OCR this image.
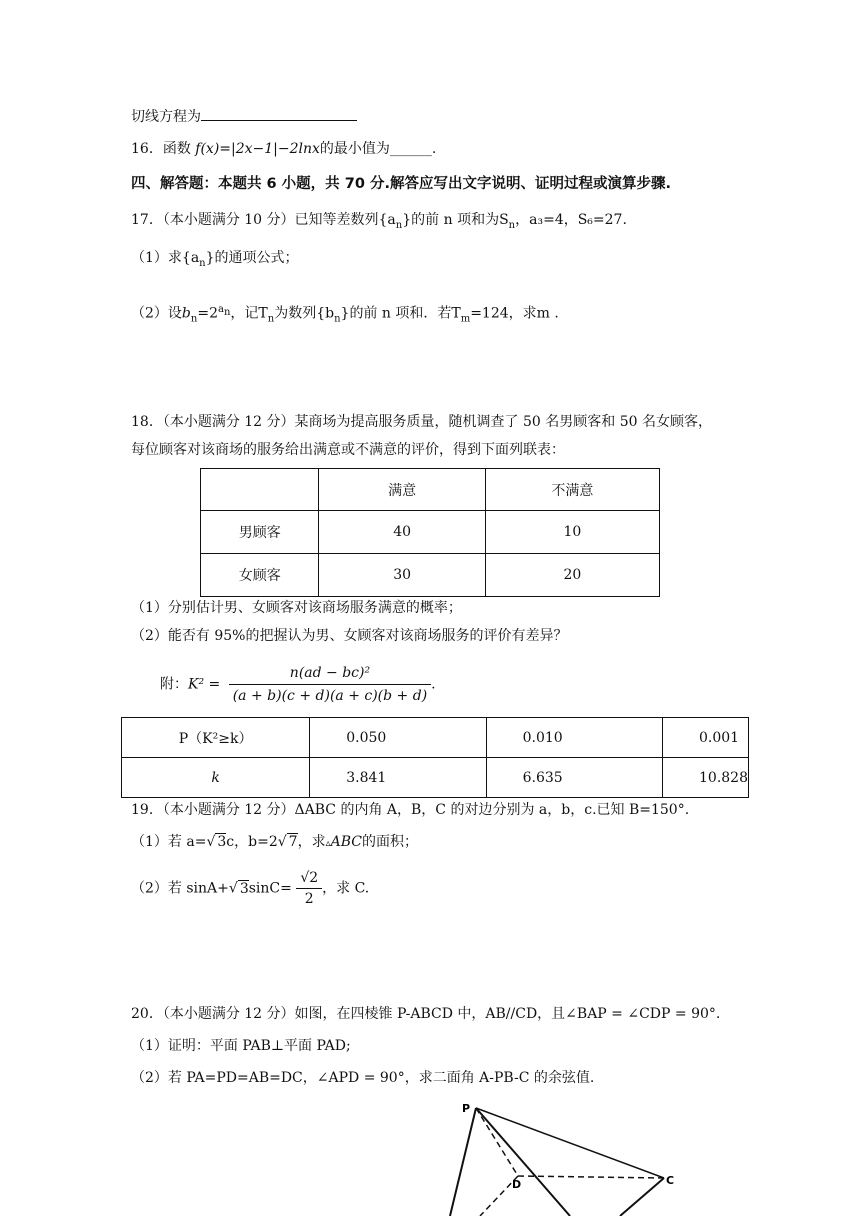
切线方程为
16．函数 f(x)=|2x−1|−2lnx的最小值为______.
四、解答题：本题共 6 小题，共 70 分.解答应写出文字说明、证明过程或演算步骤.
17．（本小题满分 10 分）已知等差数列$\{a_n\}$的前 n 项和为$S_n$，a₃=4，S₆=27.
（1）求$\{a_n\}$的通项公式；
（2）设$b_n=2^{a_n}$，记$T_n$为数列$\{b_n\}$的前 n 项和．若$T_m=124$，求m .
18．（本小题满分 12 分）某商场为提高服务质量，随机调查了 50 名男顾客和 50 名女顾客，
每位顾客对该商场的服务给出满意或不满意的评价，得到下面列联表：
	满意	不满意
男顾客	40	10
女顾客	30	20
（1）分别估计男、女顾客对该商场服务满意的概率；
（2）能否有 95%的把握认为男、女顾客对该商场服务的评价有差异？
附：$K^2 = \frac{\text{n(ad − bc)²}}{(a + b)(c + d)(a + c)(b + d)}$ .
P（K²≥k）	0.050	0.010	0.001
k	3.841	6.635	10.828
19．（本小题满分 12 分）ΔABC 的内角 A，B，C 的对边分别为 a，b，c.已知 B=150°.
（1）若 a=√ 3c，b=2√ 7，求▵ABC的面积；
（2）若 sinA+√ $3\sin C= \frac{√2}{2}$ ，求 C.
20．（本小题满分 12 分）如图，在四棱锥 P-ABCD 中，AB//CD，且∠BAP = ∠CDP = 90°.
（1）证明：平面 PAB⊥平面 PAD;
（2）若 PA=PD=AB=DC，∠APD = 90°，求二面角 A-PB-C 的余弦值.
P
D	C
